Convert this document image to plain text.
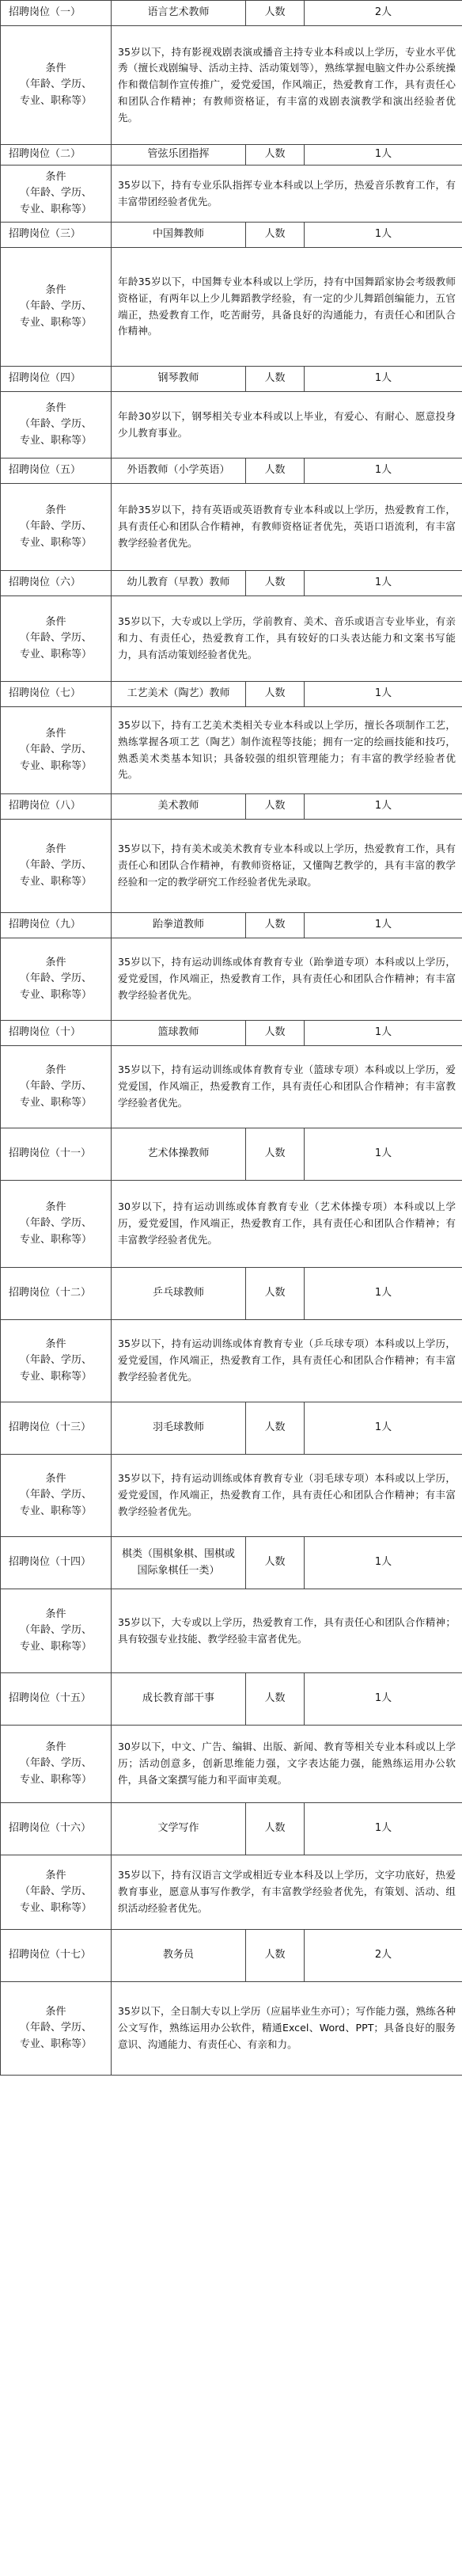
招聘岗位（一）	语言艺术教师	人数	2人

条件
（年龄、学历、
专业、职称等）	35岁以下，持有影视戏剧表演或播音主持专业本科或以上学历，专业水平优秀（擅长戏剧编导、活动主持、活动策划等），熟练掌握电脑文件办公系统操作和微信制作宣传推广，爱党爱国，作风端正，热爱教育工作，具有责任心和团队合作精神；有教师资格证，有丰富的戏剧表演教学和演出经验者优先。		
招聘岗位（二）	管弦乐团指挥	人数	1人

条件
（年龄、学历、
专业、职称等）	35岁以下，持有专业乐队指挥专业本科或以上学历，热爱音乐教育工作，有丰富带团经验者优先。		
招聘岗位（三）	中国舞教师	人数	1人

条件
（年龄、学历、
专业、职称等）	年龄35岁以下，中国舞专业本科或以上学历，持有中国舞蹈家协会考级教师资格证，有两年以上少儿舞蹈教学经验，有一定的少儿舞蹈创编能力，五官端正，热爱教育工作，吃苦耐劳，具备良好的沟通能力，有责任心和团队合作精神。		
招聘岗位（四）	钢琴教师	人数	1人

条件
（年龄、学历、
专业、职称等）	年龄30岁以下，钢琴相关专业本科或以上毕业，有爱心、有耐心、愿意投身少儿教育事业。		
招聘岗位（五）	外语教师（小学英语）	人数	1人

条件
（年龄、学历、
专业、职称等）	年龄35岁以下，持有英语或英语教育专业本科或以上学历，热爱教育工作，具有责任心和团队合作精神，有教师资格证者优先，英语口语流利，有丰富教学经验者优先。		
招聘岗位（六）	幼儿教育（早教）教师	人数	1人

条件
（年龄、学历、
专业、职称等）	35岁以下，大专或以上学历，学前教育、美术、音乐或语言专业毕业，有亲和力、有责任心，热爱教育工作，具有较好的口头表达能力和文案书写能力，具有活动策划经验者优先。		
招聘岗位（七）	工艺美术（陶艺）教师	人数	1人

条件
（年龄、学历、
专业、职称等）	35岁以下，持有工艺美术类相关专业本科或以上学历，擅长各项制作工艺，熟练掌握各项工艺（陶艺）制作流程等技能；拥有一定的绘画技能和技巧，熟悉美术类基本知识；具备较强的组织管理能力；有丰富的教学经验者优先。		
招聘岗位（八）	美术教师	人数	1人

条件
（年龄、学历、
专业、职称等）	35岁以下，持有美术或美术教育专业本科或以上学历，热爱教育工作，具有责任心和团队合作精神，有教师资格证，又懂陶艺教学的，具有丰富的教学经验和一定的教学研究工作经验者优先录取。		
招聘岗位（九）	跆拳道教师	人数	1人

条件
（年龄、学历、
专业、职称等）	35岁以下，持有运动训练或体育教育专业（跆拳道专项）本科或以上学历，爱党爱国，作风端正，热爱教育工作，具有责任心和团队合作精神；有丰富教学经验者优先。		
招聘岗位（十）	篮球教师	人数	1人

条件
（年龄、学历、
专业、职称等）	35岁以下，持有运动训练或体育教育专业（篮球专项）本科或以上学历，爱党爱国，作风端正，热爱教育工作，具有责任心和团队合作精神；有丰富教学经验者优先。		
招聘岗位（十一）	艺术体操教师	人数	1人

条件
（年龄、学历、
专业、职称等）	30岁以下，持有运动训练或体育教育专业（艺术体操专项）本科或以上学历，爱党爱国，作风端正，热爱教育工作，具有责任心和团队合作精神；有丰富教学经验者优先。		
招聘岗位（十二）	乒乓球教师	人数	1人

条件
（年龄、学历、
专业、职称等）	35岁以下，持有运动训练或体育教育专业（乒乓球专项）本科或以上学历，爱党爱国，作风端正，热爱教育工作，具有责任心和团队合作精神；有丰富教学经验者优先。		
招聘岗位（十三）	羽毛球教师	人数	1人

条件
（年龄、学历、
专业、职称等）	35岁以下，持有运动训练或体育教育专业（羽毛球专项）本科或以上学历，爱党爱国，作风端正，热爱教育工作，具有责任心和团队合作精神；有丰富教学经验者优先。		
招聘岗位（十四）	棋类（围棋象棋、围棋或国际象棋任一类）	人数	1人

条件
（年龄、学历、
专业、职称等）	35岁以下，大专或以上学历，热爱教育工作，具有责任心和团队合作精神；具有较强专业技能、教学经验丰富者优先。		
招聘岗位（十五）	成长教育部干事	人数	1人

条件
（年龄、学历、
专业、职称等）	30岁以下，中文、广告、编辑、出版、新闻、教育等相关专业本科或以上学历；活动创意多，创新思维能力强，文字表达能力强，能熟练运用办公软件，具备文案撰写能力和平面审美观。		
招聘岗位（十六）	文学写作	人数	1人

条件
（年龄、学历、
专业、职称等）	35岁以下，持有汉语言文学或相近专业本科及以上学历，文字功底好，热爱教育事业，愿意从事写作教学，有丰富教学经验者优先，有策划、活动、组织活动经验者优先。		
招聘岗位（十七）	教务员	人数	2人

条件
（年龄、学历、
专业、职称等）	35岁以下，全日制大专以上学历（应届毕业生亦可）；写作能力强，熟练各种公文写作，熟练运用办公软件，精通Excel、Word、PPT；具备良好的服务意识、沟通能力、有责任心、有亲和力。		
